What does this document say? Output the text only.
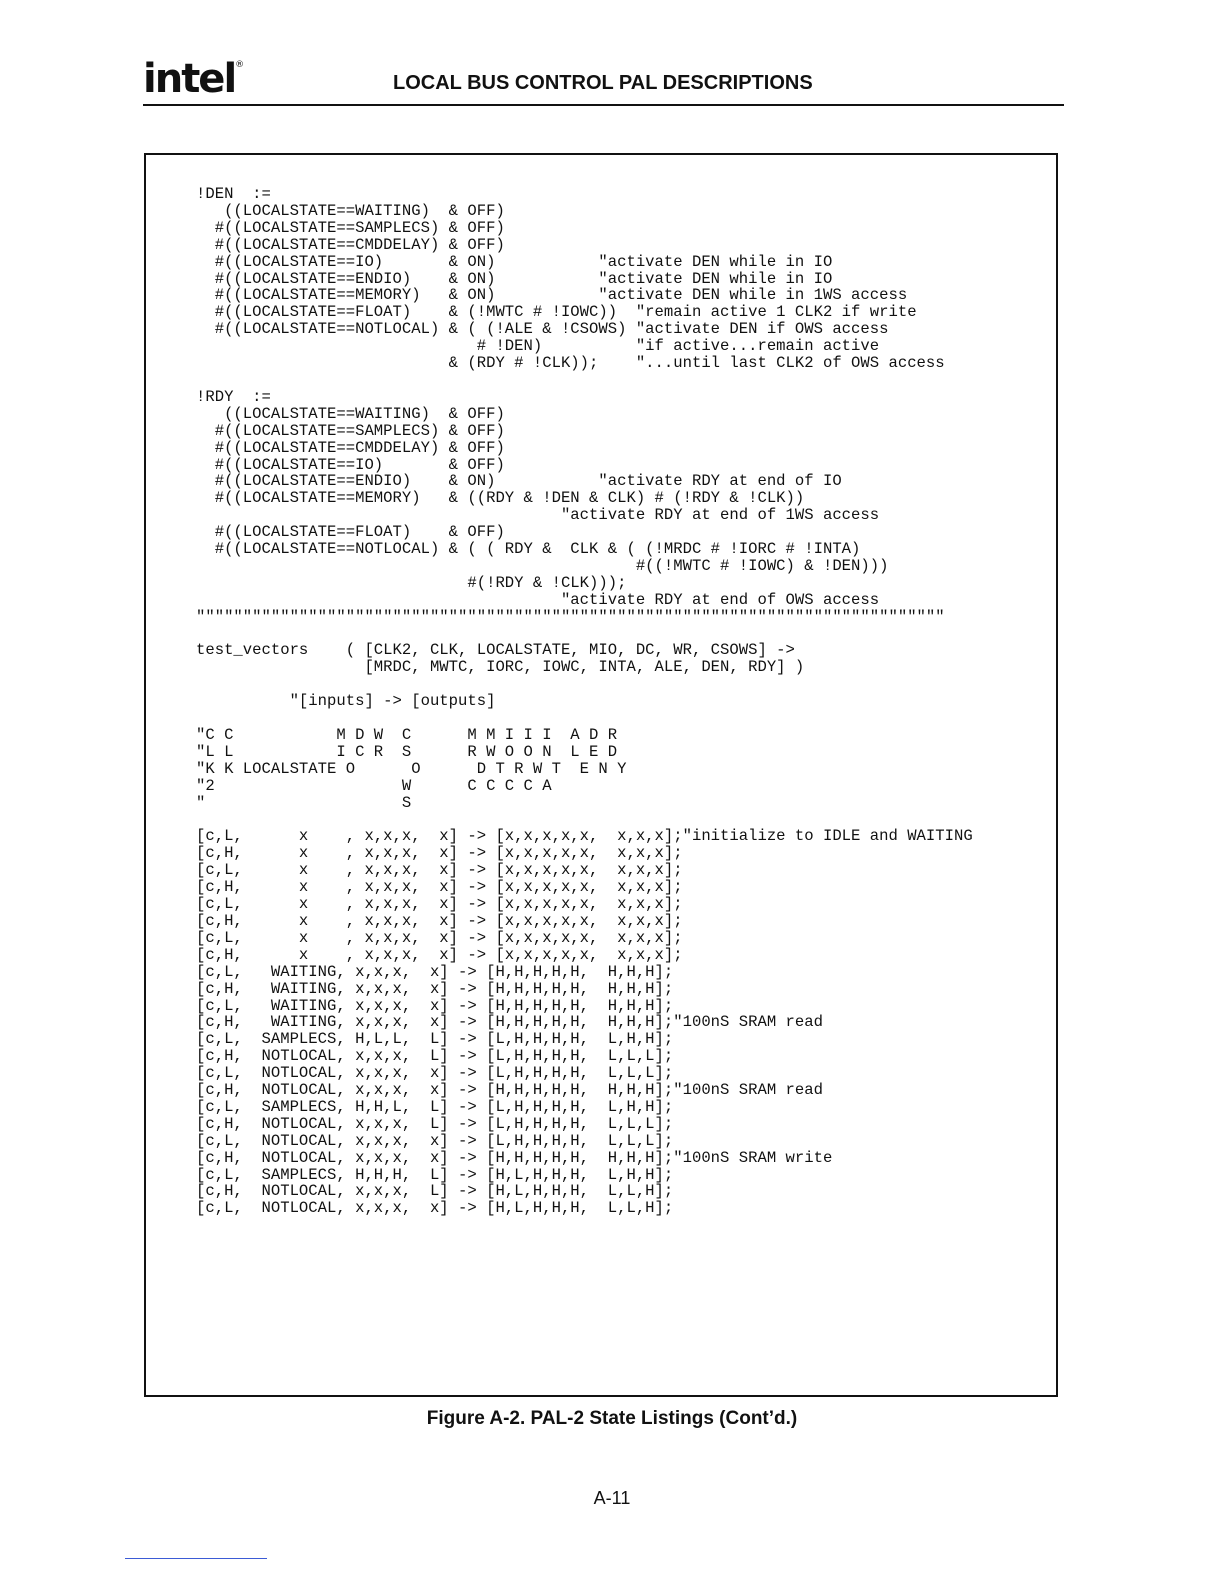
intel®
LOCAL BUS CONTROL PAL DESCRIPTIONS
!DEN  :=
((LOCALSTATE==WAITING)  & OFF)
#((LOCALSTATE==SAMPLECS) & OFF)
#((LOCALSTATE==CMDDELAY) & OFF)
#((LOCALSTATE==IO)       & ON)           "activate DEN while in IO
#((LOCALSTATE==ENDIO)    & ON)           "activate DEN while in IO
#((LOCALSTATE==MEMORY)   & ON)           "activate DEN while in 1WS access
#((LOCALSTATE==FLOAT)    & (!MWTC # !IOWC))  "remain active 1 CLK2 if write
#((LOCALSTATE==NOTLOCAL) & ( (!ALE & !CSOWS) "activate DEN if OWS access
# !DEN)          "if active...remain active
& (RDY # !CLK));    "...until last CLK2 of OWS access

!RDY  :=
((LOCALSTATE==WAITING)  & OFF)
#((LOCALSTATE==SAMPLECS) & OFF)
#((LOCALSTATE==CMDDELAY) & OFF)
#((LOCALSTATE==IO)       & OFF)
#((LOCALSTATE==ENDIO)    & ON)           "activate RDY at end of IO
#((LOCALSTATE==MEMORY)   & ((RDY & !DEN & CLK) # (!RDY & !CLK))
"activate RDY at end of 1WS access
#((LOCALSTATE==FLOAT)    & OFF)
#((LOCALSTATE==NOTLOCAL) & ( ( RDY &  CLK & ( (!MRDC # !IORC # !INTA)
#((!MWTC # !IOWC) & !DEN)))
#(!RDY & !CLK)));
"activate RDY at end of OWS access
""""""""""""""""""""""""""""""""""""""""""""""""""""""""""""""""""""""""""""""""

test_vectors    ( [CLK2, CLK, LOCALSTATE, MIO, DC, WR, CSOWS] ->
[MRDC, MWTC, IORC, IOWC, INTA, ALE, DEN, RDY] )

"[inputs] -> [outputs]

"C C           M D W  C      M M I I I  A D R
"L L           I C R  S      R W O O N  L E D
"K K LOCALSTATE O      O      D T R W T  E N Y
"2                    W      C C C C A
"                     S

[c,L,      x    , x,x,x,  x] -> [x,x,x,x,x,  x,x,x];"initialize to IDLE and WAITING
[c,H,      x    , x,x,x,  x] -> [x,x,x,x,x,  x,x,x];
[c,L,      x    , x,x,x,  x] -> [x,x,x,x,x,  x,x,x];
[c,H,      x    , x,x,x,  x] -> [x,x,x,x,x,  x,x,x];
[c,L,      x    , x,x,x,  x] -> [x,x,x,x,x,  x,x,x];
[c,H,      x    , x,x,x,  x] -> [x,x,x,x,x,  x,x,x];
[c,L,      x    , x,x,x,  x] -> [x,x,x,x,x,  x,x,x];
[c,H,      x    , x,x,x,  x] -> [x,x,x,x,x,  x,x,x];
[c,L,   WAITING, x,x,x,  x] -> [H,H,H,H,H,  H,H,H];
[c,H,   WAITING, x,x,x,  x] -> [H,H,H,H,H,  H,H,H];
[c,L,   WAITING, x,x,x,  x] -> [H,H,H,H,H,  H,H,H];
[c,H,   WAITING, x,x,x,  x] -> [H,H,H,H,H,  H,H,H];"100nS SRAM read
[c,L,  SAMPLECS, H,L,L,  L] -> [L,H,H,H,H,  L,H,H];
[c,H,  NOTLOCAL, x,x,x,  L] -> [L,H,H,H,H,  L,L,L];
[c,L,  NOTLOCAL, x,x,x,  x] -> [L,H,H,H,H,  L,L,L];
[c,H,  NOTLOCAL, x,x,x,  x] -> [H,H,H,H,H,  H,H,H];"100nS SRAM read
[c,L,  SAMPLECS, H,H,L,  L] -> [L,H,H,H,H,  L,H,H];
[c,H,  NOTLOCAL, x,x,x,  L] -> [L,H,H,H,H,  L,L,L];
[c,L,  NOTLOCAL, x,x,x,  x] -> [L,H,H,H,H,  L,L,L];
[c,H,  NOTLOCAL, x,x,x,  x] -> [H,H,H,H,H,  H,H,H];"100nS SRAM write
[c,L,  SAMPLECS, H,H,H,  L] -> [H,L,H,H,H,  L,H,H];
[c,H,  NOTLOCAL, x,x,x,  L] -> [H,L,H,H,H,  L,L,H];
[c,L,  NOTLOCAL, x,x,x,  x] -> [H,L,H,H,H,  L,L,H];
Figure A-2. PAL-2 State Listings (Cont’d.)
A-11
